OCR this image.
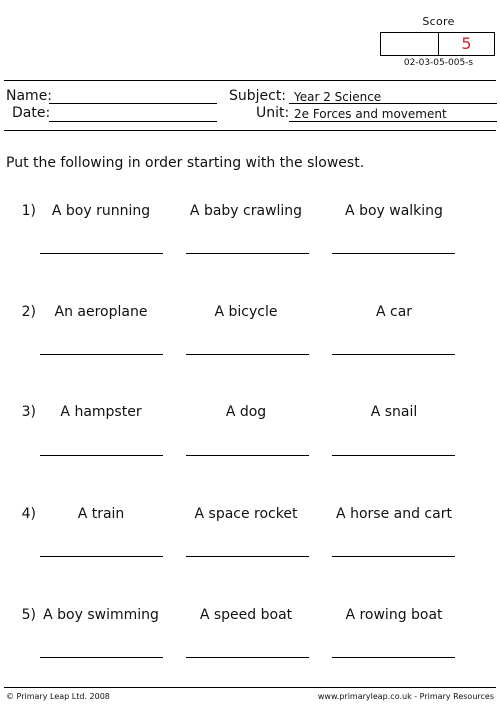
Score
5
02-03-05-005-s
Name:
Date:
Subject: Year 2 Science
Unit: 2e Forces and movement
Put the following in order starting with the slowest.
1)	A boy running	A baby crawling	A boy walking
2)	An aeroplane	A bicycle	A car
3)	A hampster	A dog	A snail
4)	A train	A space rocket	A horse and cart
5) A boy swimming	A speed boat	A rowing boat
© Primary Leap Ltd. 2008	www.primaryleap.co.uk - Primary Resources
